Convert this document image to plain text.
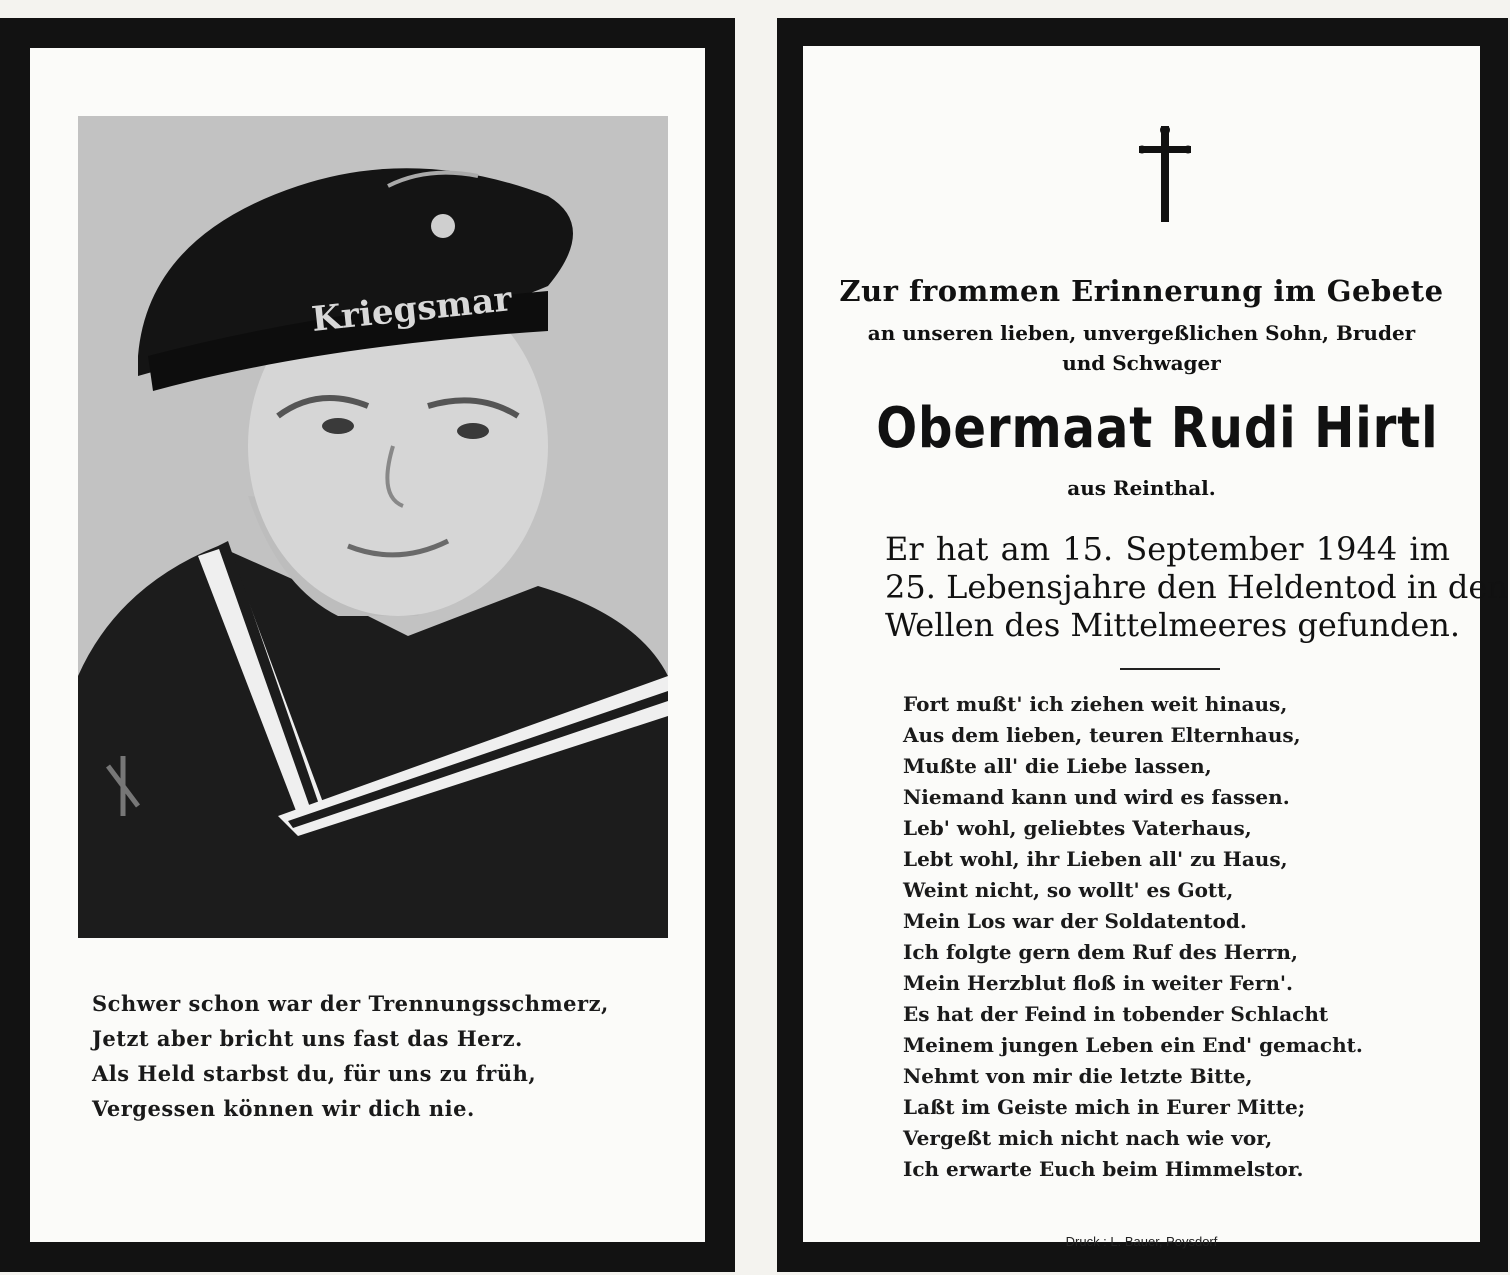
Kriegsmar
Schwer schon war der Trennungsschmerz,
Jetzt aber bricht uns fast das Herz.
Als Held starbst du, für uns zu früh,
Vergessen können wir dich nie.
Zur frommen Erinnerung im Gebete
an unseren lieben, unvergeßlichen Sohn, Bruder
und Schwager
Obermaat Rudi Hirtl
aus Reinthal.
Er hat am 15. September 1944 im
25. Lebensjahre den Heldentod in den
Wellen des Mittelmeeres gefunden.
Fort mußt' ich ziehen weit hinaus,
Aus dem lieben, teuren Elternhaus,
Mußte all' die Liebe lassen,
Niemand kann und wird es fassen.
Leb' wohl, geliebtes Vaterhaus,
Lebt wohl, ihr Lieben all' zu Haus,
Weint nicht, so wollt' es Gott,
Mein Los war der Soldatentod.
Ich folgte gern dem Ruf des Herrn,
Mein Herzblut floß in weiter Fern'.
Es hat der Feind in tobender Schlacht
Meinem jungen Leben ein End' gemacht.
Nehmt von mir die letzte Bitte,
Laßt im Geiste mich in Eurer Mitte;
Vergeßt mich nicht nach wie vor,
Ich erwarte Euch beim Himmelstor.
Druck : L. Bauer, Poysdorf
